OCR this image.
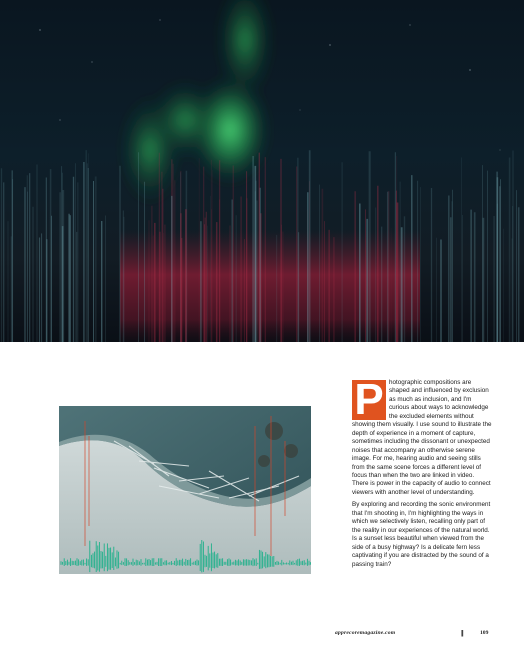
P hotographic compositions are shaped and influenced by exclusion as much as inclusion, and I'm curious about ways to acknowledge the excluded elements without showing them visually. I use sound to illustrate the depth of experience in a moment of capture, sometimes including the dissonant or unexpected noises that accompany an otherwise serene image. For me, hearing audio and seeing stills from the same scene forces a different level of focus than when the two are linked in video. There is power in the capacity of audio to connect viewers with another level of understanding.

By exploring and recording the sonic environment that I'm shooting in, I'm highlighting the ways in which we selectively listen, recalling only part of the reality in our experiences of the natural world. Is a sunset less beautiful when viewed from the side of a busy highway? Is a delicate fern less captivating if you are distracted by the sound of a passing train?

apprecoremagazine.com	|||	109
